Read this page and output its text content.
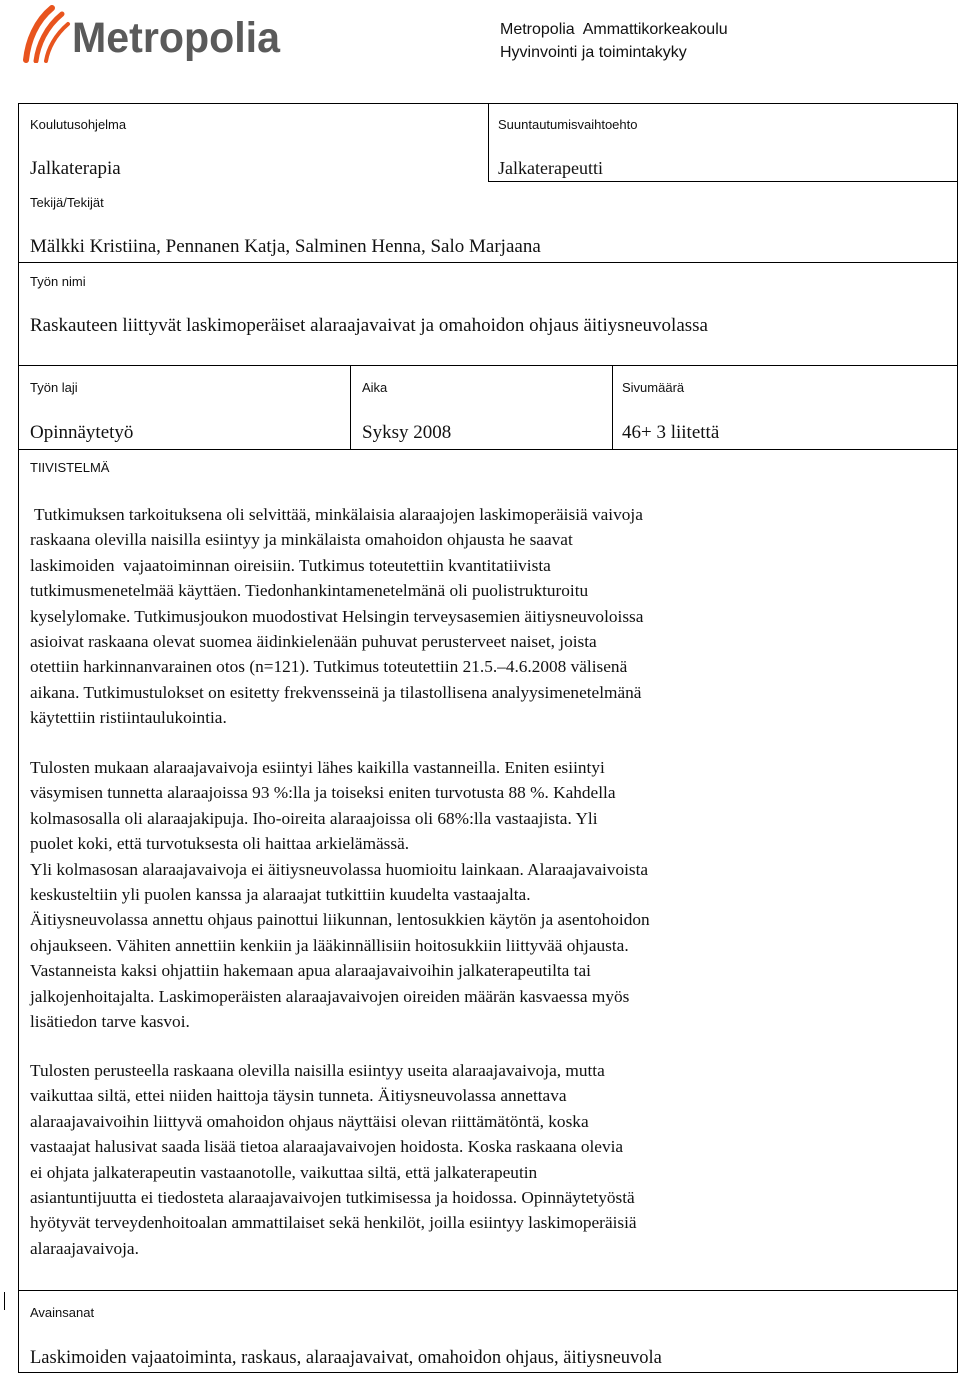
Metropolia	Metropolia  Ammattikorkeakoulu
Hyvinvointi ja toimintakyky
Koulutusohjelma
Jalkaterapia
Suuntautumisvaihtoehto
Jalkaterapeutti
Tekijä/Tekijät
Mälkki Kristiina, Pennanen Katja, Salminen Henna, Salo Marjaana
Työn nimi
Raskauteen liittyvät laskimoperäiset alaraajavaivat ja omahoidon ohjaus äitiysneuvolassa
Työn laji
Opinnäytetyö
Aika
Syksy 2008
Sivumäärä
46+ 3 liitettä
TIIVISTELMÄ
Tutkimuksen tarkoituksena oli selvittää, minkälaisia alaraajojen laskimoperäisiä vaivoja
raskaana olevilla naisilla esiintyy ja minkälaista omahoidon ohjausta he saavat
laskimoiden  vajaatoiminnan oireisiin. Tutkimus toteutettiin kvantitatiivista
tutkimusmenetelmää käyttäen. Tiedonhankintamenetelmänä oli puolistrukturoitu
kyselylomake. Tutkimusjoukon muodostivat Helsingin terveysasemien äitiysneuvoloissa
asioivat raskaana olevat suomea äidinkielenään puhuvat perusterveet naiset, joista
otettiin harkinnanvarainen otos (n=121). Tutkimus toteutettiin 21.5.–4.6.2008 välisenä
aikana. Tutkimustulokset on esitetty frekvensseinä ja tilastollisena analyysimenetelmänä
käytettiin ristiintaulukointia.
Tulosten mukaan alaraajavaivoja esiintyi lähes kaikilla vastanneilla. Eniten esiintyi
väsymisen tunnetta alaraajoissa 93 %:lla ja toiseksi eniten turvotusta 88 %. Kahdella
kolmasosalla oli alaraajakipuja. Iho-oireita alaraajoissa oli 68%:lla vastaajista. Yli
puolet koki, että turvotuksesta oli haittaa arkielämässä.
Yli kolmasosan alaraajavaivoja ei äitiysneuvolassa huomioitu lainkaan. Alaraajavaivoista
keskusteltiin yli puolen kanssa ja alaraajat tutkittiin kuudelta vastaajalta.
Äitiysneuvolassa annettu ohjaus painottui liikunnan, lentosukkien käytön ja asentohoidon
ohjaukseen. Vähiten annettiin kenkiin ja lääkinnällisiin hoitosukkiin liittyvää ohjausta.
Vastanneista kaksi ohjattiin hakemaan apua alaraajavaivoihin jalkaterapeutilta tai
jalkojenhoitajalta. Laskimoperäisten alaraajavaivojen oireiden määrän kasvaessa myös
lisätiedon tarve kasvoi.
Tulosten perusteella raskaana olevilla naisilla esiintyy useita alaraajavaivoja, mutta
vaikuttaa siltä, ettei niiden haittoja täysin tunneta. Äitiysneuvolassa annettava
alaraajavaivoihin liittyvä omahoidon ohjaus näyttäisi olevan riittämätöntä, koska
vastaajat halusivat saada lisää tietoa alaraajavaivojen hoidosta. Koska raskaana olevia
ei ohjata jalkaterapeutin vastaanotolle, vaikuttaa siltä, että jalkaterapeutin
asiantuntijuutta ei tiedosteta alaraajavaivojen tutkimisessa ja hoidossa. Opinnäytetyöstä
hyötyvät terveydenhoitoalan ammattilaiset sekä henkilöt, joilla esiintyy laskimoperäisiä
alaraajavaivoja.
Avainsanat
Laskimoiden vajaatoiminta, raskaus, alaraajavaivat, omahoidon ohjaus, äitiysneuvola
